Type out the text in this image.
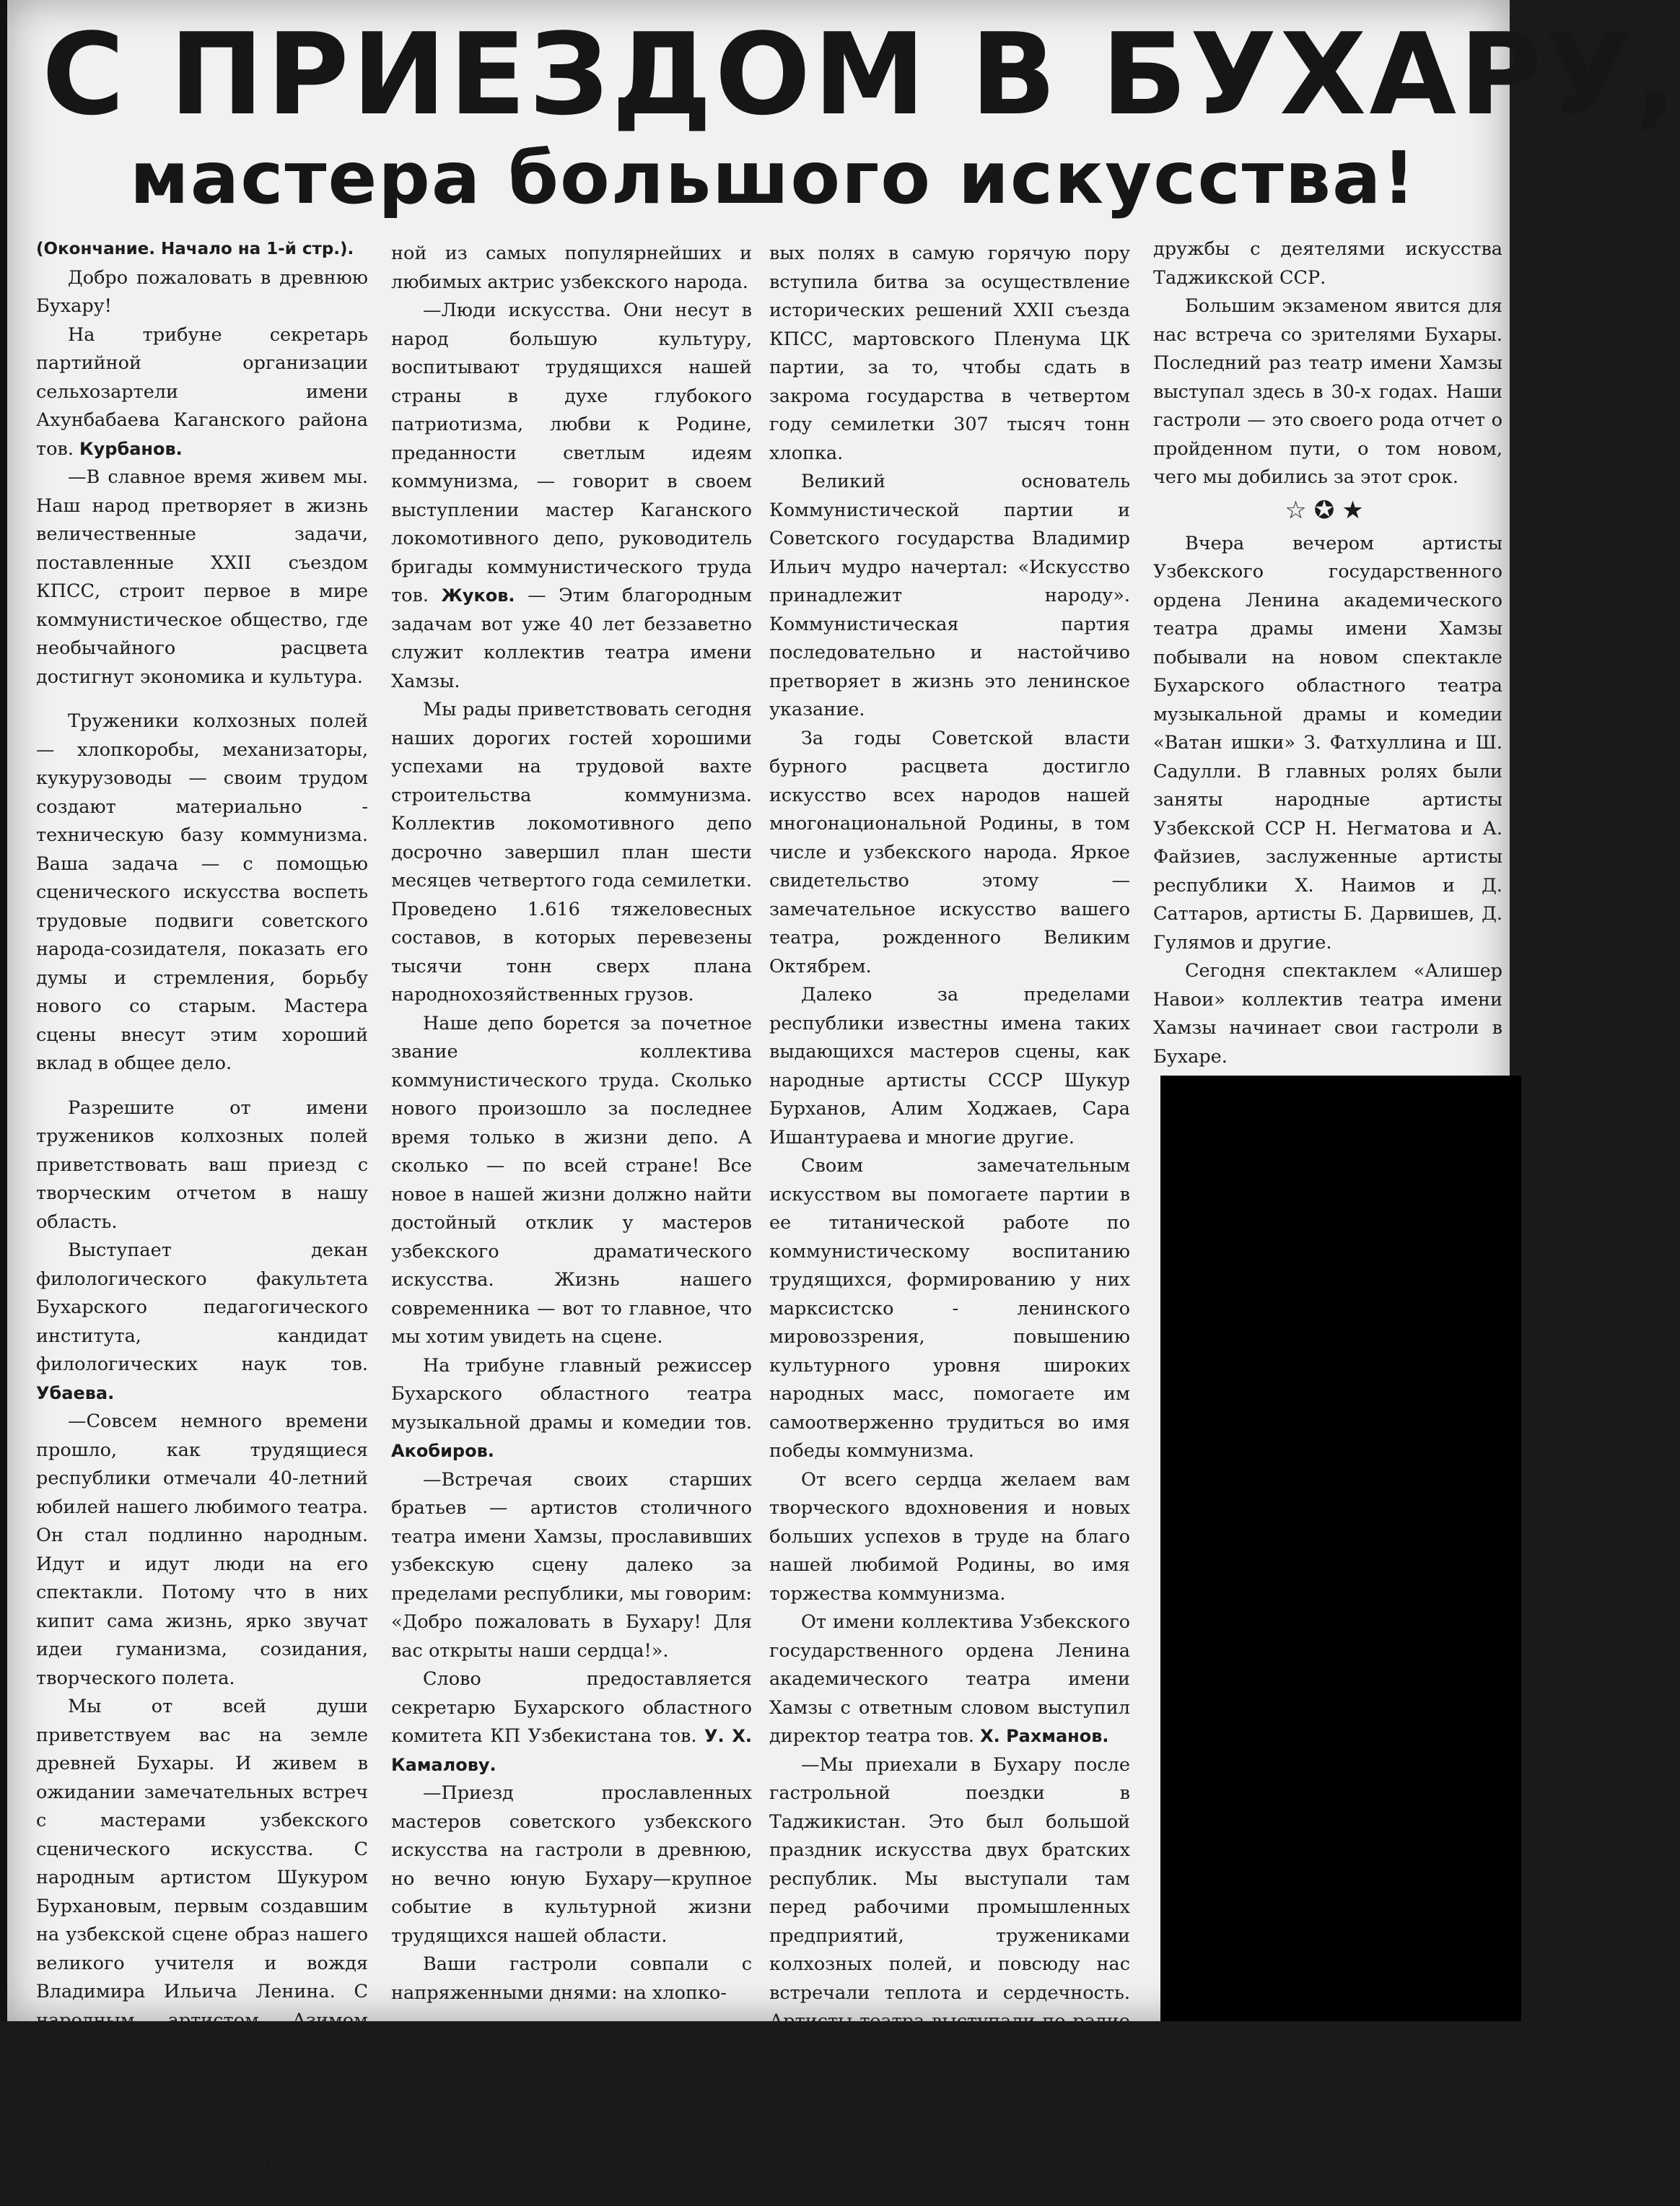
С ПРИЕЗДОМ В БУХАРУ,
мастера большого искусства!

(Окончание. Начало на 1-й стр.).

Добро пожаловать в древнюю Бухару!

На трибуне секретарь партийной организации сельхозартели имени Ахунбабаева Каганского района тов. Курбанов.

—В славное время живем мы. Наш народ претворяет в жизнь величественные задачи, поставленные XXII съездом КПСС, строит первое в мире коммунистическое общество, где необычайного расцвета достигнут экономика и культура.

Труженики колхозных полей — хлопкоробы, механизаторы, кукурузоводы — своим трудом создают материально - техническую базу коммунизма. Ваша задача — с помощью сценического искусства воспеть трудовые подвиги советского народа-созидателя, показать его думы и стремления, борьбу нового со старым. Мастера сцены внесут этим хороший вклад в общее дело.

Разрешите от имени тружеников колхозных полей приветствовать ваш приезд с творческим отчетом в нашу область.

Выступает декан филологического факультета Бухарского педагогического института, кандидат филологических наук тов. Убаева.

—Совсем немного времени прошло, как трудящиеся республики отмечали 40-летний юбилей нашего любимого театра. Он стал подлинно народным. Идут и идут люди на его спектакли. Потому что в них кипит сама жизнь, ярко звучат идеи гуманизма, созидания, творческого полета.

Мы от всей души приветствуем вас на земле древней Бухары. И живем в ожидании замечательных встреч с мастерами узбекского сценического искусства. С народным артистом Шукуром Бурхановым, первым создавшим на узбекской сцене образ нашего великого учителя и вождя Владимира Ильича Ленина. С народным артистом Азимом Ходжаевым, талант которого мы оценили по образу Хамзы, созданному им в одноименном фильме. С народной артисткой Союза ССР Сарой Ишантураевой — од-

ной из самых популярнейших и любимых актрис узбекского народа.

—Люди искусства. Они несут в народ большую культуру, воспитывают трудящихся нашей страны в духе глубокого патриотизма, любви к Родине, преданности светлым идеям коммунизма, — говорит в своем выступлении мастер Каганского локомотивного депо, руководитель бригады коммунистического труда тов. Жуков. — Этим благородным задачам вот уже 40 лет беззаветно служит коллектив театра имени Хамзы.

Мы рады приветствовать сегодня наших дорогих гостей хорошими успехами на трудовой вахте строительства коммунизма. Коллектив локомотивного депо досрочно завершил план шести месяцев четвертого года семилетки. Проведено 1.616 тяжеловесных составов, в которых перевезены тысячи тонн сверх плана народнохозяйственных грузов.

Наше депо борется за почетное звание коллектива коммунистического труда. Сколько нового произошло за последнее время только в жизни депо. А сколько — по всей стране! Все новое в нашей жизни должно найти достойный отклик у мастеров узбекского драматического искусства. Жизнь нашего современника — вот то главное, что мы хотим увидеть на сцене.

На трибуне главный режиссер Бухарского областного театра музыкальной драмы и комедии тов. Акобиров.

—Встречая своих старших братьев — артистов столичного театра имени Хамзы, прославивших узбекскую сцену далеко за пределами республики, мы говорим: «Добро пожаловать в Бухару! Для вас открыты наши сердца!».

Слово предоставляется секретарю Бухарского областного комитета КП Узбекистана тов. У. Х. Камалову.

—Приезд прославленных мастеров советского узбекского искусства на гастроли в древнюю, но вечно юную Бухару—крупное событие в культурной жизни трудящихся нашей области.

Ваши гастроли совпали с напряженными днями: на хлопко-

вых полях в самую горячую пору вступила битва за осуществление исторических решений XXII съезда КПСС, мартовского Пленума ЦК партии, за то, чтобы сдать в закрома государства в четвертом году семилетки 307 тысяч тонн хлопка.

Великий основатель Коммунистической партии и Советского государства Владимир Ильич мудро начертал: «Искусство принадлежит народу». Коммунистическая партия последовательно и настойчиво претворяет в жизнь это ленинское указание.

За годы Советской власти бурного расцвета достигло искусство всех народов нашей многонациональной Родины, в том числе и узбекского народа. Яркое свидетельство этому — замечательное искусство вашего театра, рожденного Великим Октябрем.

Далеко за пределами республики известны имена таких выдающихся мастеров сцены, как народные артисты СССР Шукур Бурханов, Алим Ходжаев, Сара Ишантураева и многие другие.

Своим замечательным искусством вы помогаете партии в ее титанической работе по коммунистическому воспитанию трудящихся, формированию у них марксистско - ленинского мировоззрения, повышению культурного уровня широких народных масс, помогаете им самоотверженно трудиться во имя победы коммунизма.

От всего сердца желаем вам творческого вдохновения и новых больших успехов в труде на благо нашей любимой Родины, во имя торжества коммунизма.

От имени коллектива Узбекского государственного ордена Ленина академического театра имени Хамзы с ответным словом выступил директор театра тов. Х. Рахманов.

—Мы приехали в Бухару после гастрольной поездки в Таджикистан. Это был большой праздник искусства двух братских республик. Мы выступали там перед рабочими промышленных предприятий, тружениками колхозных полей, и повсюду нас встречали теплота и сердечность. Артисты театра выступали по радио и телевидению, встречались на творческих вечерах

дружбы с деятелями искусства Таджикской ССР.

Большим экзаменом явится для нас встреча со зрителями Бухары. Последний раз театр имени Хамзы выступал здесь в 30-х годах. Наши гастроли — это своего рода отчет о пройденном пути, о том новом, чего мы добились за этот срок.

☆✪★

Вчера вечером артисты Узбекского государственного ордена Ленина академического театра драмы имени Хамзы побывали на новом спектакле Бухарского областного театра музыкальной драмы и комедии «Ватан ишки» З. Фатхуллина и Ш. Садулли. В главных ролях были заняты народные артисты Узбекской ССР Н. Негматова и А. Файзиев, заслуженные артисты республики Х. Наимов и Д. Саттаров, артисты Б. Дарвишев, Д. Гулямов и другие.

Сегодня спектаклем «Алишер Навои» коллектив театра имени Хамзы начинает свои гастроли в Бухаре.
